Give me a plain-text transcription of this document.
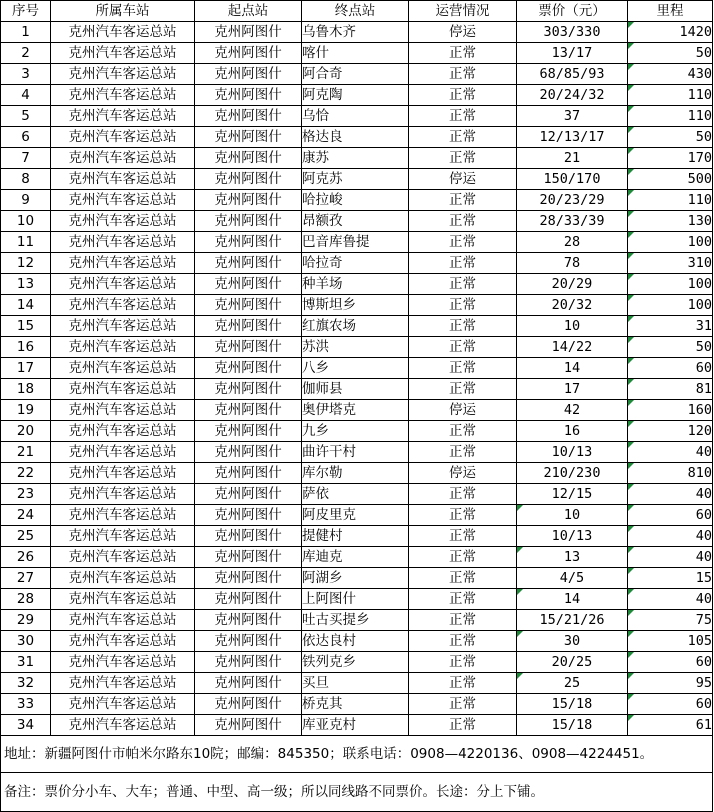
序号	所属车站	起点站	终点站	运营情况	票价（元）	里程
1	克州汽车客运总站	克州阿图什	乌鲁木齐	停运	303/330	1420
2	克州汽车客运总站	克州阿图什	喀什	正常	13/17	50
3	克州汽车客运总站	克州阿图什	阿合奇	正常	68/85/93	430
4	克州汽车客运总站	克州阿图什	阿克陶	正常	20/24/32	110
5	克州汽车客运总站	克州阿图什	乌恰	正常	37	110
6	克州汽车客运总站	克州阿图什	格达良	正常	12/13/17	50
7	克州汽车客运总站	克州阿图什	康苏	正常	21	170
8	克州汽车客运总站	克州阿图什	阿克苏	停运	150/170	500
9	克州汽车客运总站	克州阿图什	哈拉峻	正常	20/23/29	110
10	克州汽车客运总站	克州阿图什	昂额孜	正常	28/33/39	130
11	克州汽车客运总站	克州阿图什	巴音库鲁提	正常	28	100
12	克州汽车客运总站	克州阿图什	哈拉奇	正常	78	310
13	克州汽车客运总站	克州阿图什	种羊场	正常	20/29	100
14	克州汽车客运总站	克州阿图什	博斯坦乡	正常	20/32	100
15	克州汽车客运总站	克州阿图什	红旗农场	正常	10	31
16	克州汽车客运总站	克州阿图什	苏洪	正常	14/22	50
17	克州汽车客运总站	克州阿图什	八乡	正常	14	60
18	克州汽车客运总站	克州阿图什	伽师县	正常	17	81
19	克州汽车客运总站	克州阿图什	奥伊塔克	停运	42	160
20	克州汽车客运总站	克州阿图什	九乡	正常	16	120
21	克州汽车客运总站	克州阿图什	曲许干村	正常	10/13	40
22	克州汽车客运总站	克州阿图什	库尔勒	停运	210/230	810
23	克州汽车客运总站	克州阿图什	萨依	正常	12/15	40
24	克州汽车客运总站	克州阿图什	阿皮里克	正常	10	60
25	克州汽车客运总站	克州阿图什	提健村	正常	10/13	40
26	克州汽车客运总站	克州阿图什	库迪克	正常	13	40
27	克州汽车客运总站	克州阿图什	阿湖乡	正常	4/5	15
28	克州汽车客运总站	克州阿图什	上阿图什	正常	14	40
29	克州汽车客运总站	克州阿图什	吐古买提乡	正常	15/21/26	75
30	克州汽车客运总站	克州阿图什	依达良村	正常	30	105
31	克州汽车客运总站	克州阿图什	铁列克乡	正常	20/25	60
32	克州汽车客运总站	克州阿图什	买旦	正常	25	95
33	克州汽车客运总站	克州阿图什	桥克其	正常	15/18	60
34	克州汽车客运总站	克州阿图什	库亚克村	正常	15/18	61
地址：新疆阿图什市帕米尔路东10院；邮编：845350；联系电话：0908—4220136、0908—4224451。
备注：票价分小车、大车；普通、中型、高一级；所以同线路不同票价。长途：分上下铺。
